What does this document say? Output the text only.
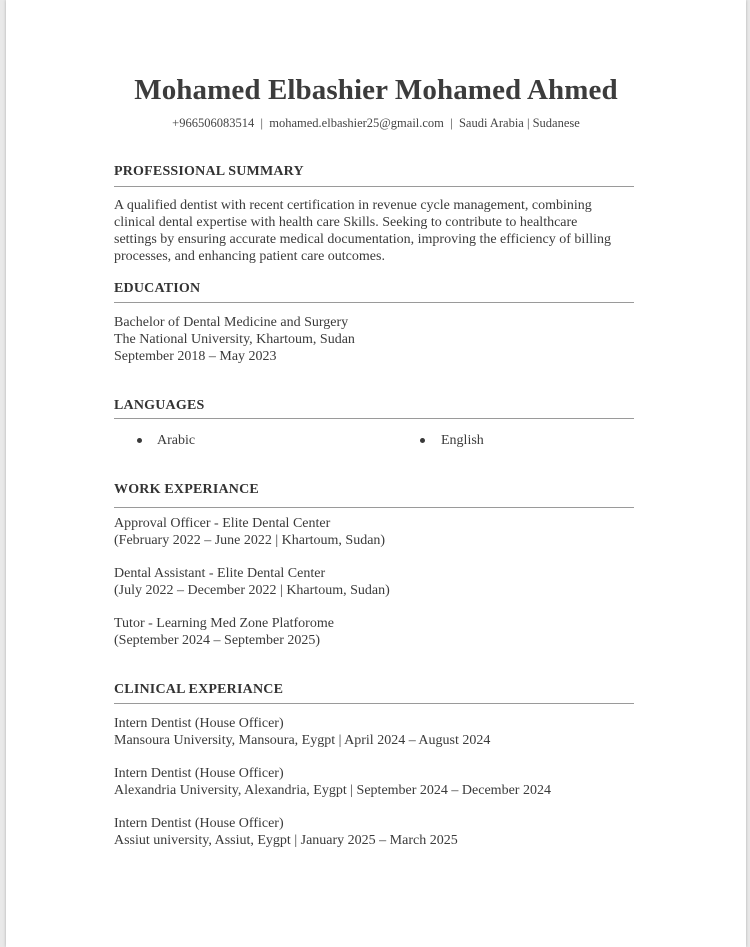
Mohamed Elbashier Mohamed Ahmed
+966506083514  |  mohamed.elbashier25@gmail.com  |  Saudi Arabia | Sudanese
PROFESSIONAL SUMMARY
A qualified dentist with recent certification in revenue cycle management, combining
clinical dental expertise with health care Skills. Seeking to contribute to healthcare
settings by ensuring accurate medical documentation, improving the efficiency of billing
processes, and enhancing patient care outcomes.
EDUCATION
Bachelor of Dental Medicine and Surgery
The National University, Khartoum, Sudan
September 2018 – May 2023
LANGUAGES
Arabic	English
WORK EXPERIANCE
Approval Officer - Elite Dental Center
(February 2022 – June 2022 | Khartoum, Sudan)
Dental Assistant - Elite Dental Center
(July 2022 – December 2022 | Khartoum, Sudan)
Tutor - Learning Med Zone Platforome
(September 2024 – September 2025)
CLINICAL EXPERIANCE
Intern Dentist (House Officer)
Mansoura University, Mansoura, Eygpt | April 2024 – August 2024
Intern Dentist (House Officer)
Alexandria University, Alexandria, Eygpt | September 2024 – December 2024
Intern Dentist (House Officer)
Assiut university, Assiut, Eygpt | January 2025 – March 2025
